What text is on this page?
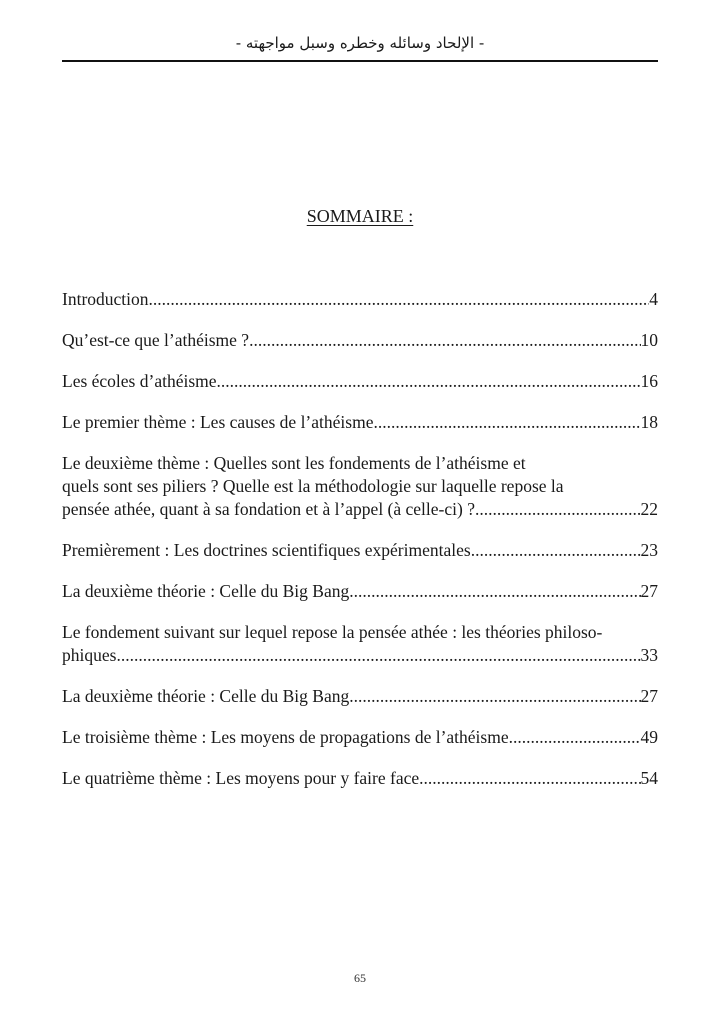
- الإلحاد وسائله وخطره وسبل مواجهته -
SOMMAIRE :
Introduction .....	4
Qu’est-ce que l’athéisme ? .....	10
Les écoles d’athéisme .....	16
Le premier thème : Les causes de l’athéisme .....	18
Le deuxième thème : Quelles sont les fondements de l’athéisme et
quels sont ses piliers ? Quelle est la méthodologie sur laquelle repose la
pensée athée, quant à sa fondation et à l’appel (à celle-ci) ? .....	22
Premièrement : Les doctrines scientifiques expérimentales .....	23
La deuxième théorie : Celle du Big Bang .....	27
Le fondement suivant sur lequel repose la pensée athée : les théories philoso-
phiques .....	33
La deuxième théorie : Celle du Big Bang .....	27
Le troisième thème : Les moyens de propagations de l’athéisme .....	49
Le quatrième thème : Les moyens pour y faire face .....	54
65
